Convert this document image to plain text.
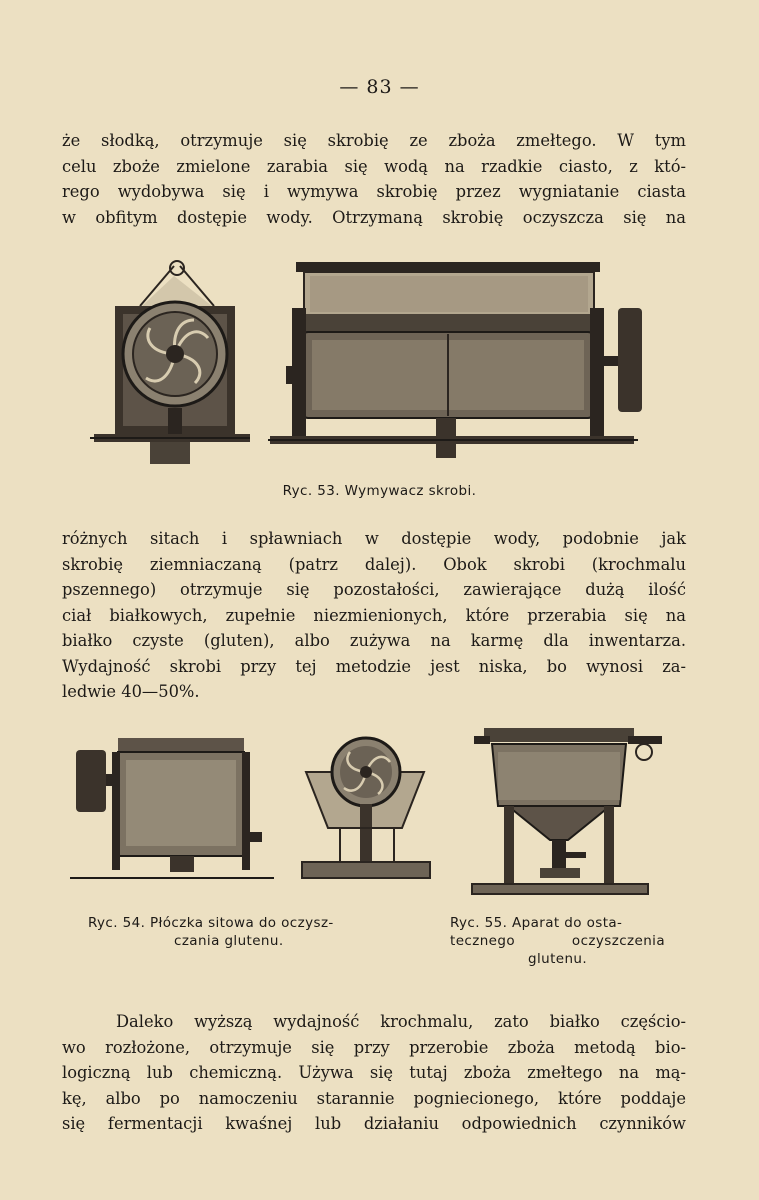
— 83 —
że słodką, otrzymuje się skrobię ze zboża zmełtego. W tym
celu zboże zmielone zarabia się wodą na rzadkie ciasto, z któ-
rego wydobywa się i wymywa skrobię przez wygniatanie ciasta
w obfitym dostępie wody. Otrzymaną skrobię oczyszcza się na
Ryc. 53. Wymywacz skrobi.
różnych sitach i spławniach w dostępie wody, podobnie jak
skrobię ziemniaczaną (patrz dalej). Obok skrobi (krochmalu
pszennego) otrzymuje się pozostałości, zawierające dużą ilość
ciał białkowych, zupełnie niezmienionych, które przerabia się na
białko czyste (gluten), albo zużywa na karmę dla inwentarza.
Wydajność skrobi przy tej metodzie jest niska, bo wynosi za-
ledwie 40—50%.
Ryc. 54. Płóczka sitowa do oczysz-
czania glutenu.
Ryc. 55. Aparat do osta-
tecznego	oczyszczenia
glutenu.
Daleko wyższą wydajność krochmalu, zato białko częścio-
wo rozłożone, otrzymuje się przy przerobie zboża metodą bio-
logiczną lub chemiczną. Używa się tutaj zboża zmełtego na mą-
kę, albo po namoczeniu starannie pogniecionego, które poddaje
się fermentacji kwaśnej lub działaniu odpowiednich czynników
